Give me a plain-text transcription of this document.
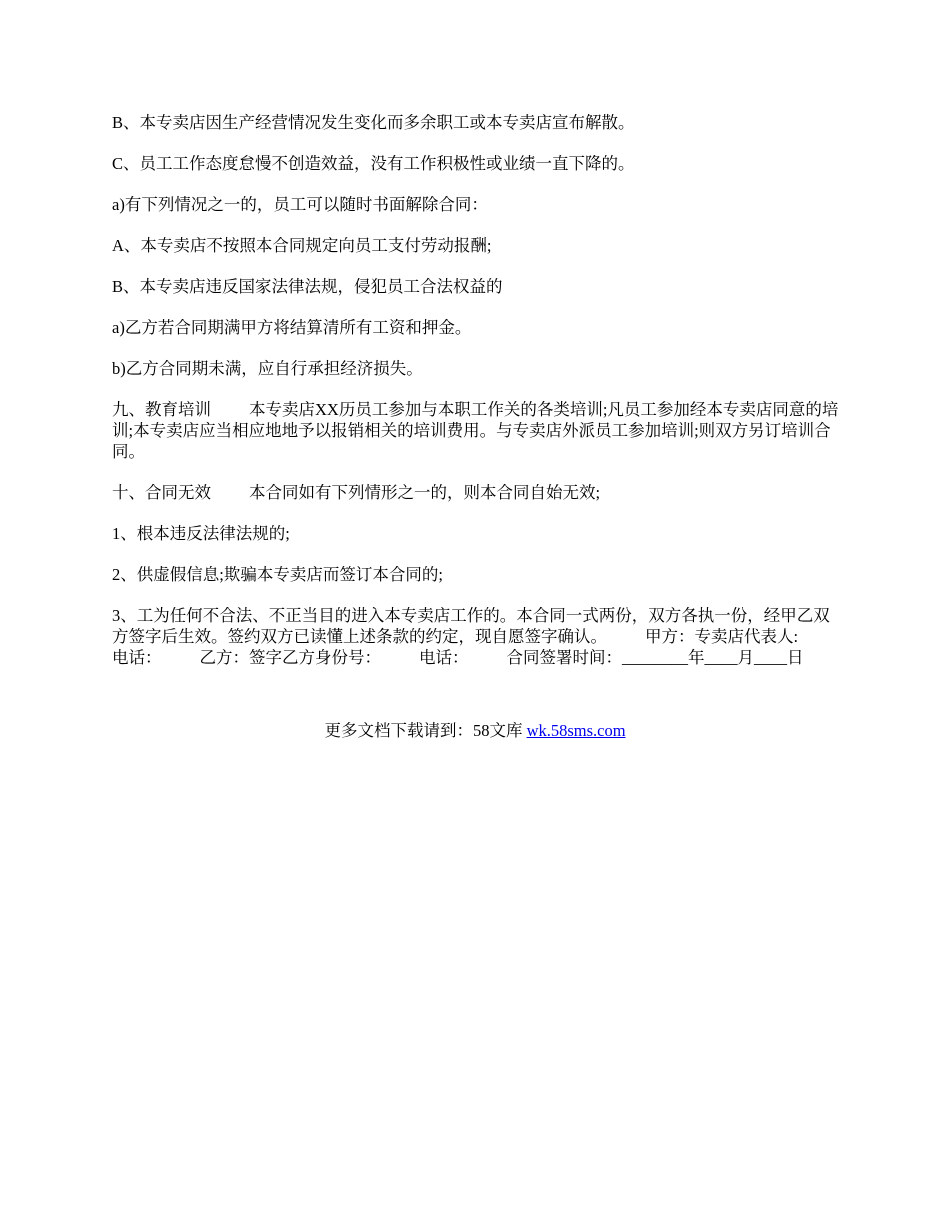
B、本专卖店因生产经营情况发生变化而多余职工或本专卖店宣布解散。

C、员工工作态度怠慢不创造效益，没有工作积极性或业绩一直下降的。

a)有下列情况之一的，员工可以随时书面解除合同：

A、本专卖店不按照本合同规定向员工支付劳动报酬;

B、本专卖店违反国家法律法规，侵犯员工合法权益的

a)乙方若合同期满甲方将结算清所有工资和押金。

b)乙方合同期未满，应自行承担经济损失。

九、教育培训 本专卖店XX历员工参加与本职工作关的各类培训;凡员工参加经本专卖店同意的培训;本专卖店应当相应地地予以报销相关的培训费用。与专卖店外派员工参加培训;则双方另订培训合同。

十、合同无效 本合同如有下列情形之一的，则本合同自始无效;

1、根本违反法律法规的;

2、供虚假信息;欺骗本专卖店而签订本合同的;

3、工为任何不合法、不正当目的进入本专卖店工作的。本合同一式两份，双方各执一份，经甲乙双方签字后生效。签约双方已读懂上述条款的约定，现自愿签字确认。 甲方：专卖店代表人:电话： 乙方：签字乙方身份号： 电话： 合同签署时间：________年____月____日

更多文档下载请到：58文库 wk.58sms.com
